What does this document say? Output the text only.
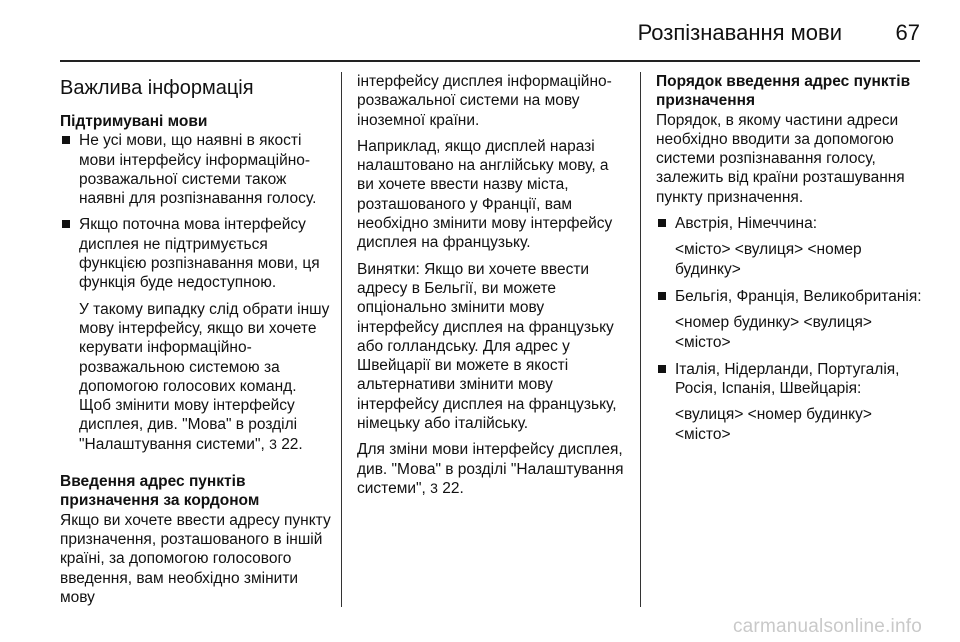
Розпізнавання мови 67
Важлива інформація

Підтримувані мови

Не усі мови, що наявні в якості мови інтерфейсу інформаційно-розважальної системи також наявні для розпізнавання голосу.
Якщо поточна мова інтерфейсу дисплея не підтримується функцією розпізнавання мови, ця функція буде недоступною.

У такому випадку слід обрати іншу мову інтерфейсу, якщо ви хочете керувати інформаційно-розважальною системою за допомогою голосових команд. Щоб змінити мову інтерфейсу дисплея, див. "Мова" в розділі "Налаштування системи", 3 22.

Введення адрес пунктів призначення за кордоном

Якщо ви хочете ввести адресу пункту призначення, розташованого в іншій країні, за допомогою голосового введення, вам необхідно змінити мову

інтерфейсу дисплея інформаційно-розважальної системи на мову іноземної країни.

Наприклад, якщо дисплей наразі налаштовано на англійську мову, а ви хочете ввести назву міста, розташованого у Франції, вам необхідно змінити мову інтерфейсу дисплея на французьку.

Винятки: Якщо ви хочете ввести адресу в Бельгії, ви можете опціонально змінити мову інтерфейсу дисплея на французьку або голландську. Для адрес у Швейцарії ви можете в якості альтернативи змінити мову інтерфейсу дисплея на французьку, німецьку або італійську.

Для зміни мови інтерфейсу дисплея, див. "Мова" в розділі "Налаштування системи", 3 22.

Порядок введення адрес пунктів призначення

Порядок, в якому частини адреси необхідно вводити за допомогою системи розпізнавання голосу, залежить від країни розташування пункту призначення.

Австрія, Німеччина:
<місто> <вулиця> <номер будинку>
Бельгія, Франція, Великобританія:
<номер будинку> <вулиця> <місто>
Італія, Нідерланди, Португалія, Росія, Іспанія, Швейцарія:
<вулиця> <номер будинку> <місто>
carmanualsonline.info
